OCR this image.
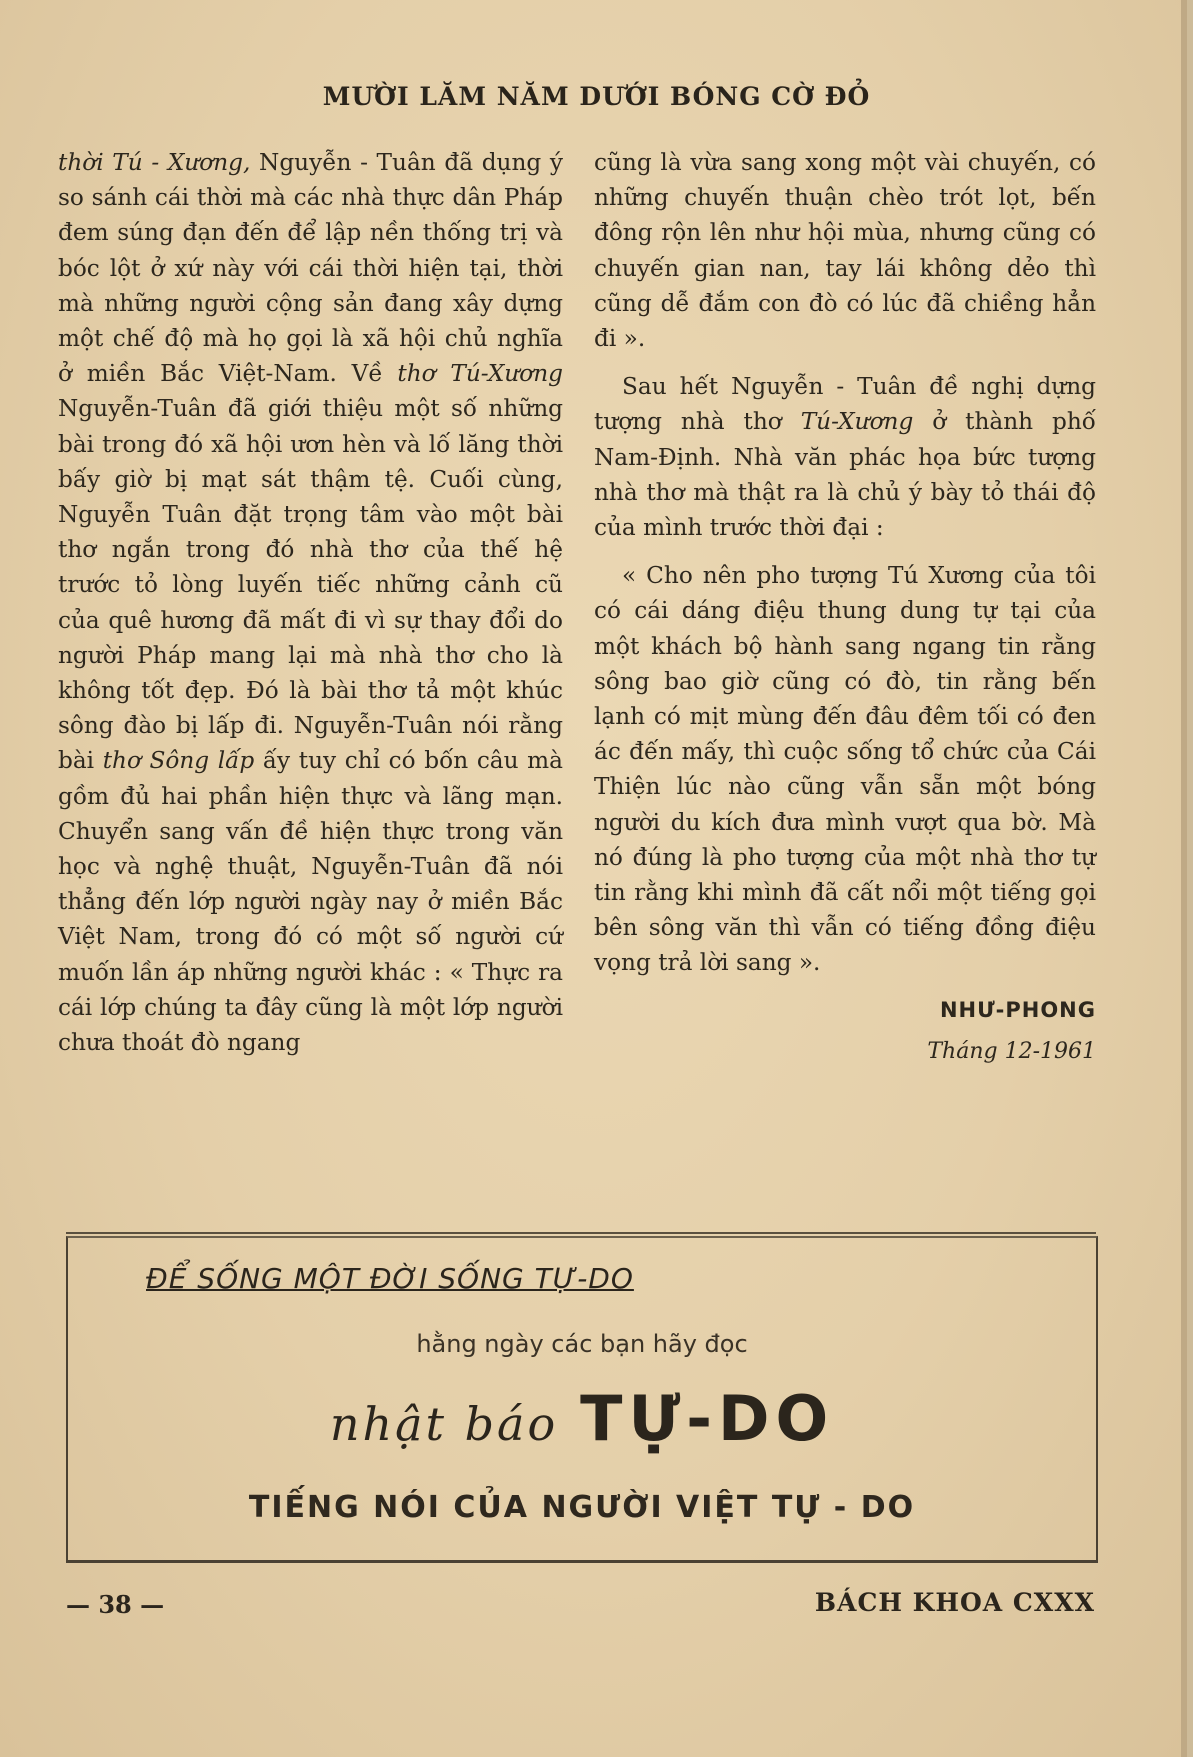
MƯỜI LĂM NĂM DƯỚI BÓNG CỜ ĐỎ

thời Tú - Xương, Nguyễn - Tuân đã dụng ý so sánh cái thời mà các nhà thực dân Pháp đem súng đạn đến để lập nền thống trị và bóc lột ở xứ này với cái thời hiện tại, thời mà những người cộng sản đang xây dựng một chế độ mà họ gọi là xã hội chủ nghĩa ở miền Bắc Việt-Nam. Về thơ Tú-Xương Nguyễn-Tuân đã giới thiệu một số những bài trong đó xã hội ươn hèn và lố lăng thời bấy giờ bị mạt sát thậm tệ. Cuối cùng, Nguyễn Tuân đặt trọng tâm vào một bài thơ ngắn trong đó nhà thơ của thế hệ trước tỏ lòng luyến tiếc những cảnh cũ của quê hương đã mất đi vì sự thay đổi do người Pháp mang lại mà nhà thơ cho là không tốt đẹp. Đó là bài thơ tả một khúc sông đào bị lấp đi. Nguyễn-Tuân nói rằng bài thơ Sông lấp ấy tuy chỉ có bốn câu mà gồm đủ hai phần hiện thực và lãng mạn. Chuyển sang vấn đề hiện thực trong văn học và nghệ thuật, Nguyễn-Tuân đã nói thẳng đến lớp người ngày nay ở miền Bắc Việt Nam, trong đó có một số người cứ muốn lần áp những người khác : « Thực ra cái lớp chúng ta đây cũng là một lớp người chưa thoát đò ngang

cũng là vừa sang xong một vài chuyến, có những chuyến thuận chèo trót lọt, bến đông rộn lên như hội mùa, nhưng cũng có chuyến gian nan, tay lái không dẻo thì cũng dễ đắm con đò có lúc đã chiềng hẳn đi ».

Sau hết Nguyễn - Tuân đề nghị dựng tượng nhà thơ Tú-Xương ở thành phố Nam-Định. Nhà văn phác họa bức tượng nhà thơ mà thật ra là chủ ý bày tỏ thái độ của mình trước thời đại :

« Cho nên pho tượng Tú Xương của tôi có cái dáng điệu thung dung tự tại của một khách bộ hành sang ngang tin rằng sông bao giờ cũng có đò, tin rằng bến lạnh có mịt mùng đến đâu đêm tối có đen ác đến mấy, thì cuộc sống tổ chức của Cái Thiện lúc nào cũng vẫn sẵn một bóng người du kích đưa mình vượt qua bờ. Mà nó đúng là pho tượng của một nhà thơ tự tin rằng khi mình đã cất nổi một tiếng gọi bên sông văn thì vẫn có tiếng đồng điệu vọng trả lời sang ».

NHƯ-PHONG
Tháng 12-1961
ĐỂ SỐNG MỘT ĐỜI SỐNG TỰ-DO
hằng ngày các bạn hãy đọc
nhật báo TỰ-DO
TIẾNG NÓI CỦA NGƯỜI VIỆT TỰ - DO
— 38 —	BÁCH KHOA CXXX
